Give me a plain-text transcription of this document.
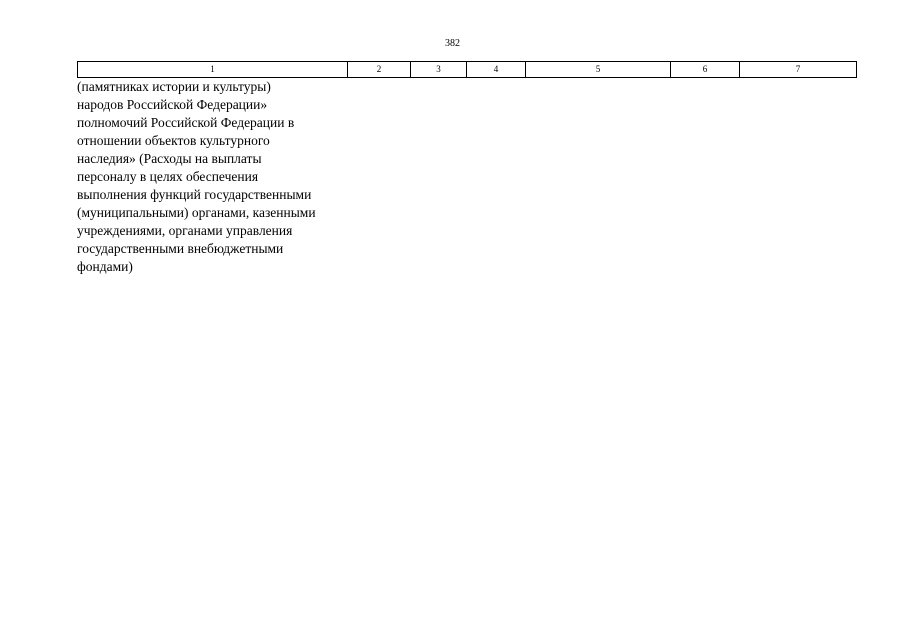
382
1	2	3	4	5	6	7
(памятниках истории и культуры)
народов Российской Федерации»
полномочий Российской Федерации в
отношении объектов культурного
наследия» (Расходы на выплаты
персоналу в целях обеспечения
выполнения функций государственными
(муниципальными) органами, казенными
учреждениями, органами управления
государственными внебюджетными
фондами)
